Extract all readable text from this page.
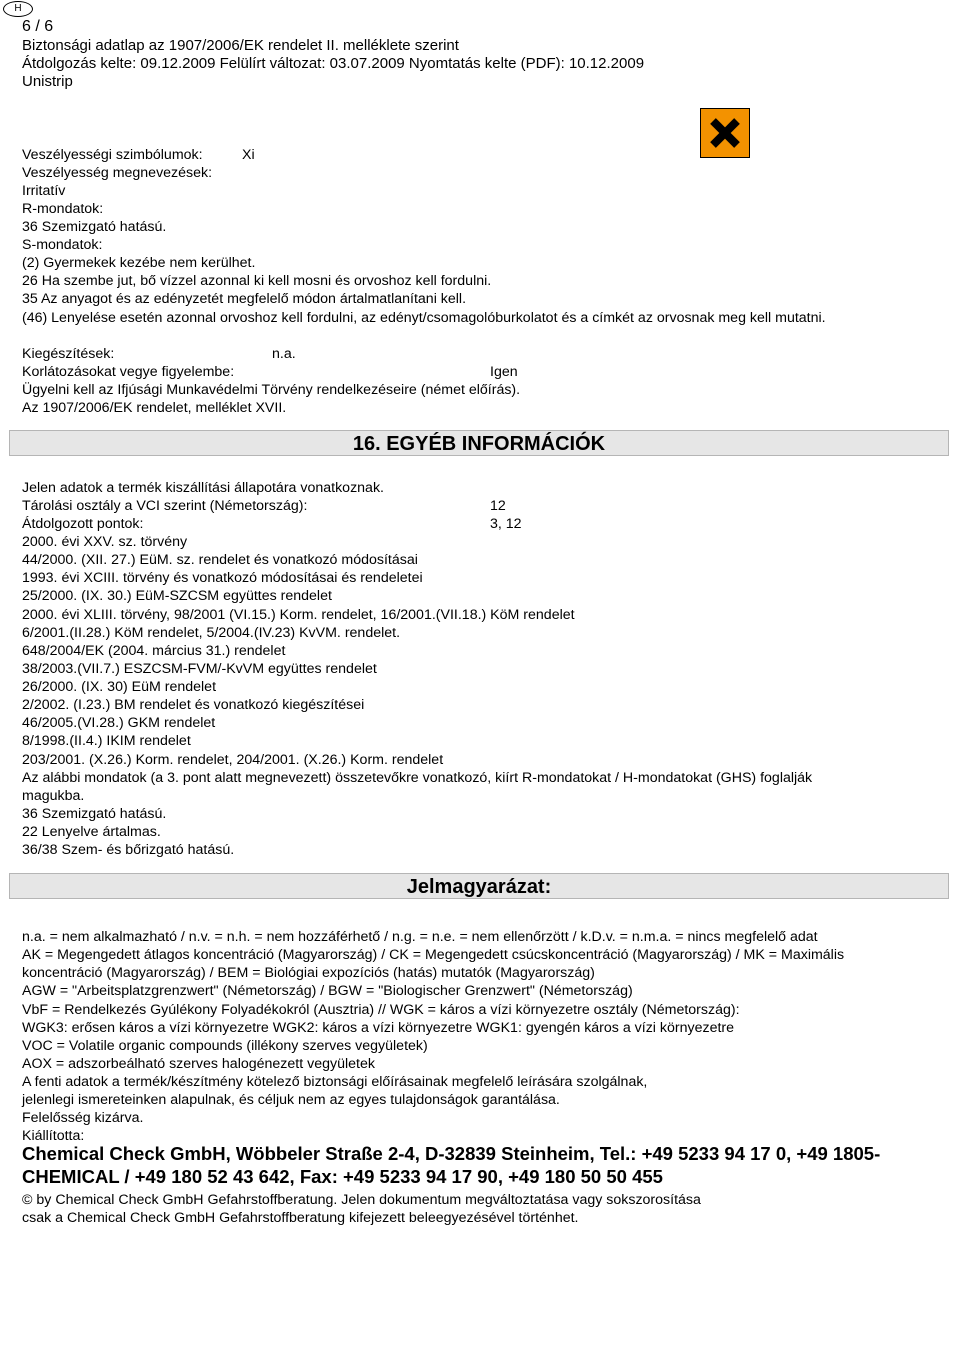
H
6 / 6
Biztonsági adatlap az 1907/2006/EK rendelet II. melléklete szerint
Átdolgozás kelte: 09.12.2009 Felülírt változat: 03.07.2009 Nyomtatás kelte (PDF): 10.12.2009
Unistrip
Veszélyességi szimbólumok:	Xi
Veszélyesség megnevezések:
Irritatív
R-mondatok:
36 Szemizgató hatású.
S-mondatok:
(2) Gyermekek kezébe nem kerülhet.
26 Ha szembe jut, bő vízzel azonnal ki kell mosni és orvoshoz kell fordulni.
35 Az anyagot és az edényzetét megfelelő módon ártalmatlanítani kell.
(46) Lenyelése esetén azonnal orvoshoz kell fordulni, az edényt/csomagolóburkolatot és a címkét az orvosnak meg kell mutatni.
Kiegészítések:	n.a.
Korlátozásokat vegye figyelembe:	Igen
Ügyelni kell az Ifjúsági Munkavédelmi Törvény rendelkezéseire (német előírás).
Az 1907/2006/EK rendelet, melléklet XVII.
16. EGYÉB INFORMÁCIÓK
Jelen adatok a termék kiszállítási állapotára vonatkoznak.
Tárolási osztály a VCI szerint (Németország):	12
Átdolgozott pontok:	3, 12
2000. évi XXV. sz. törvény
44/2000. (XII. 27.) EüM. sz. rendelet és vonatkozó módosításai
1993. évi XCIII. törvény és vonatkozó módosításai és rendeletei
25/2000. (IX. 30.) EüM-SZCSM együttes rendelet
2000. évi XLIII. törvény, 98/2001 (VI.15.) Korm. rendelet, 16/2001.(VII.18.) KöM rendelet
6/2001.(II.28.) KöM rendelet, 5/2004.(IV.23) KvVM. rendelet.
648/2004/EK (2004. március 31.) rendelet
38/2003.(VII.7.) ESZCSM-FVM/-KvVM együttes rendelet
26/2000. (IX. 30) EüM rendelet
2/2002. (I.23.) BM rendelet és vonatkozó kiegészítései
46/2005.(VI.28.) GKM rendelet
8/1998.(II.4.) IKIM rendelet
203/2001. (X.26.) Korm. rendelet, 204/2001. (X.26.) Korm. rendelet
Az alábbi mondatok (a 3. pont alatt megnevezett) összetevőkre vonatkozó, kiírt R-mondatokat / H-mondatokat (GHS) foglalják
magukba.
36 Szemizgató hatású.
22 Lenyelve ártalmas.
36/38 Szem- és bőrizgató hatású.
Jelmagyarázat:
n.a. = nem alkalmazható / n.v. = n.h. = nem hozzáférhető / n.g. = n.e. = nem ellenőrzött / k.D.v. = n.m.a. = nincs megfelelő adat
AK = Megengedett átlagos koncentráció (Magyarország) / CK = Megengedett csúcskoncentráció (Magyarország) / MK = Maximális
koncentráció (Magyarország) / BEM = Biológiai expozíciós (hatás) mutatók (Magyarország)
AGW = "Arbeitsplatzgrenzwert" (Németország) / BGW = "Biologischer Grenzwert" (Németország)
VbF = Rendelkezés Gyúlékony Folyadékokról (Ausztria) // WGK = káros a vízi környezetre osztály (Németország):
WGK3: erősen káros a vízi környezetre WGK2: káros a vízi környezetre WGK1: gyengén káros a vízi környezetre
VOC = Volatile organic compounds (illékony szerves vegyületek)
AOX = adszorbeálható szerves halogénezett vegyületek
A fenti adatok a termék/készítmény kötelező biztonsági előírásainak megfelelő leírására szolgálnak,
jelenlegi ismereteinken alapulnak, és céljuk nem az egyes tulajdonságok garantálása.
Felelősség kizárva.
Kiállította:
Chemical Check GmbH, Wöbbeler Straße 2-4, D-32839 Steinheim, Tel.: +49 5233 94 17 0, +49 1805-
CHEMICAL / +49 180 52 43 642, Fax: +49 5233 94 17 90, +49 180 50 50 455
© by Chemical Check GmbH Gefahrstoffberatung. Jelen dokumentum megváltoztatása vagy sokszorosítása
csak a Chemical Check GmbH Gefahrstoffberatung kifejezett beleegyezésével történhet.
